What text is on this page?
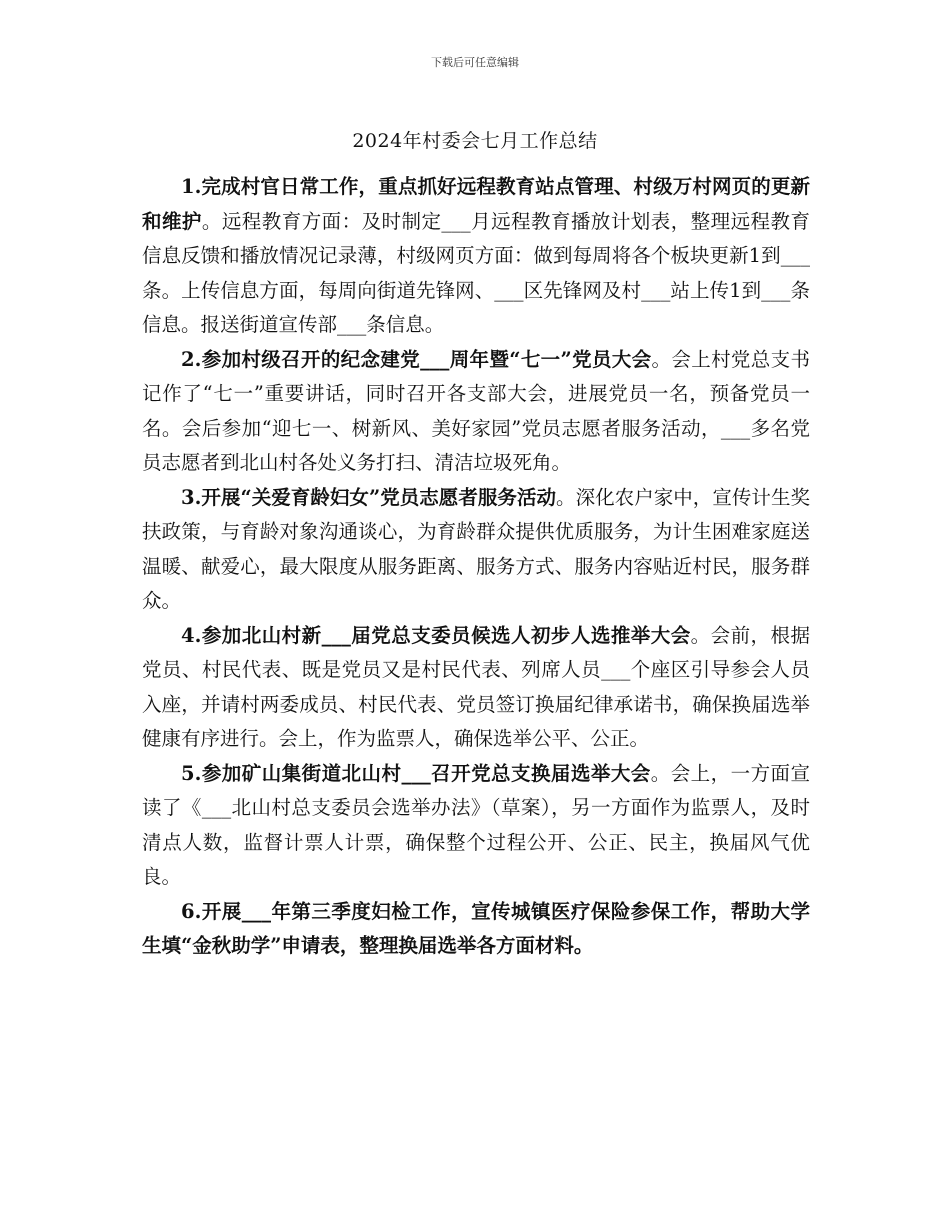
下载后可任意编辑
2024年村委会七月工作总结

1.完成村官日常工作，重点抓好远程教育站点管理、村级万村网页的更新和维护。远程教育方面：及时制定___月远程教育播放计划表，整理远程教育信息反馈和播放情况记录薄，村级网页方面：做到每周将各个板块更新1到___条。上传信息方面，每周向街道先锋网、___区先锋网及村___站上传1到___条信息。报送街道宣传部___条信息。

2.参加村级召开的纪念建党___周年暨“七一”党员大会。会上村党总支书记作了“七一”重要讲话，同时召开各支部大会，进展党员一名，预备党员一名。会后参加“迎七一、树新风、美好家园”党员志愿者服务活动，___多名党员志愿者到北山村各处义务打扫、清洁垃圾死角。

3.开展“关爱育龄妇女”党员志愿者服务活动。深化农户家中，宣传计生奖扶政策，与育龄对象沟通谈心，为育龄群众提供优质服务，为计生困难家庭送温暖、献爱心，最大限度从服务距离、服务方式、服务内容贴近村民，服务群众。

4.参加北山村新___届党总支委员候选人初步人选推举大会。会前，根据党员、村民代表、既是党员又是村民代表、列席人员___个座区引导参会人员入座，并请村两委成员、村民代表、党员签订换届纪律承诺书，确保换届选举健康有序进行。会上，作为监票人，确保选举公平、公正。

5.参加矿山集街道北山村___召开党总支换届选举大会。会上，一方面宣读了《___北山村总支委员会选举办法》（草案），另一方面作为监票人，及时清点人数，监督计票人计票，确保整个过程公开、公正、民主，换届风气优良。

6.开展___年第三季度妇检工作，宣传城镇医疗保险参保工作，帮助大学生填“金秋助学”申请表，整理换届选举各方面材料。
